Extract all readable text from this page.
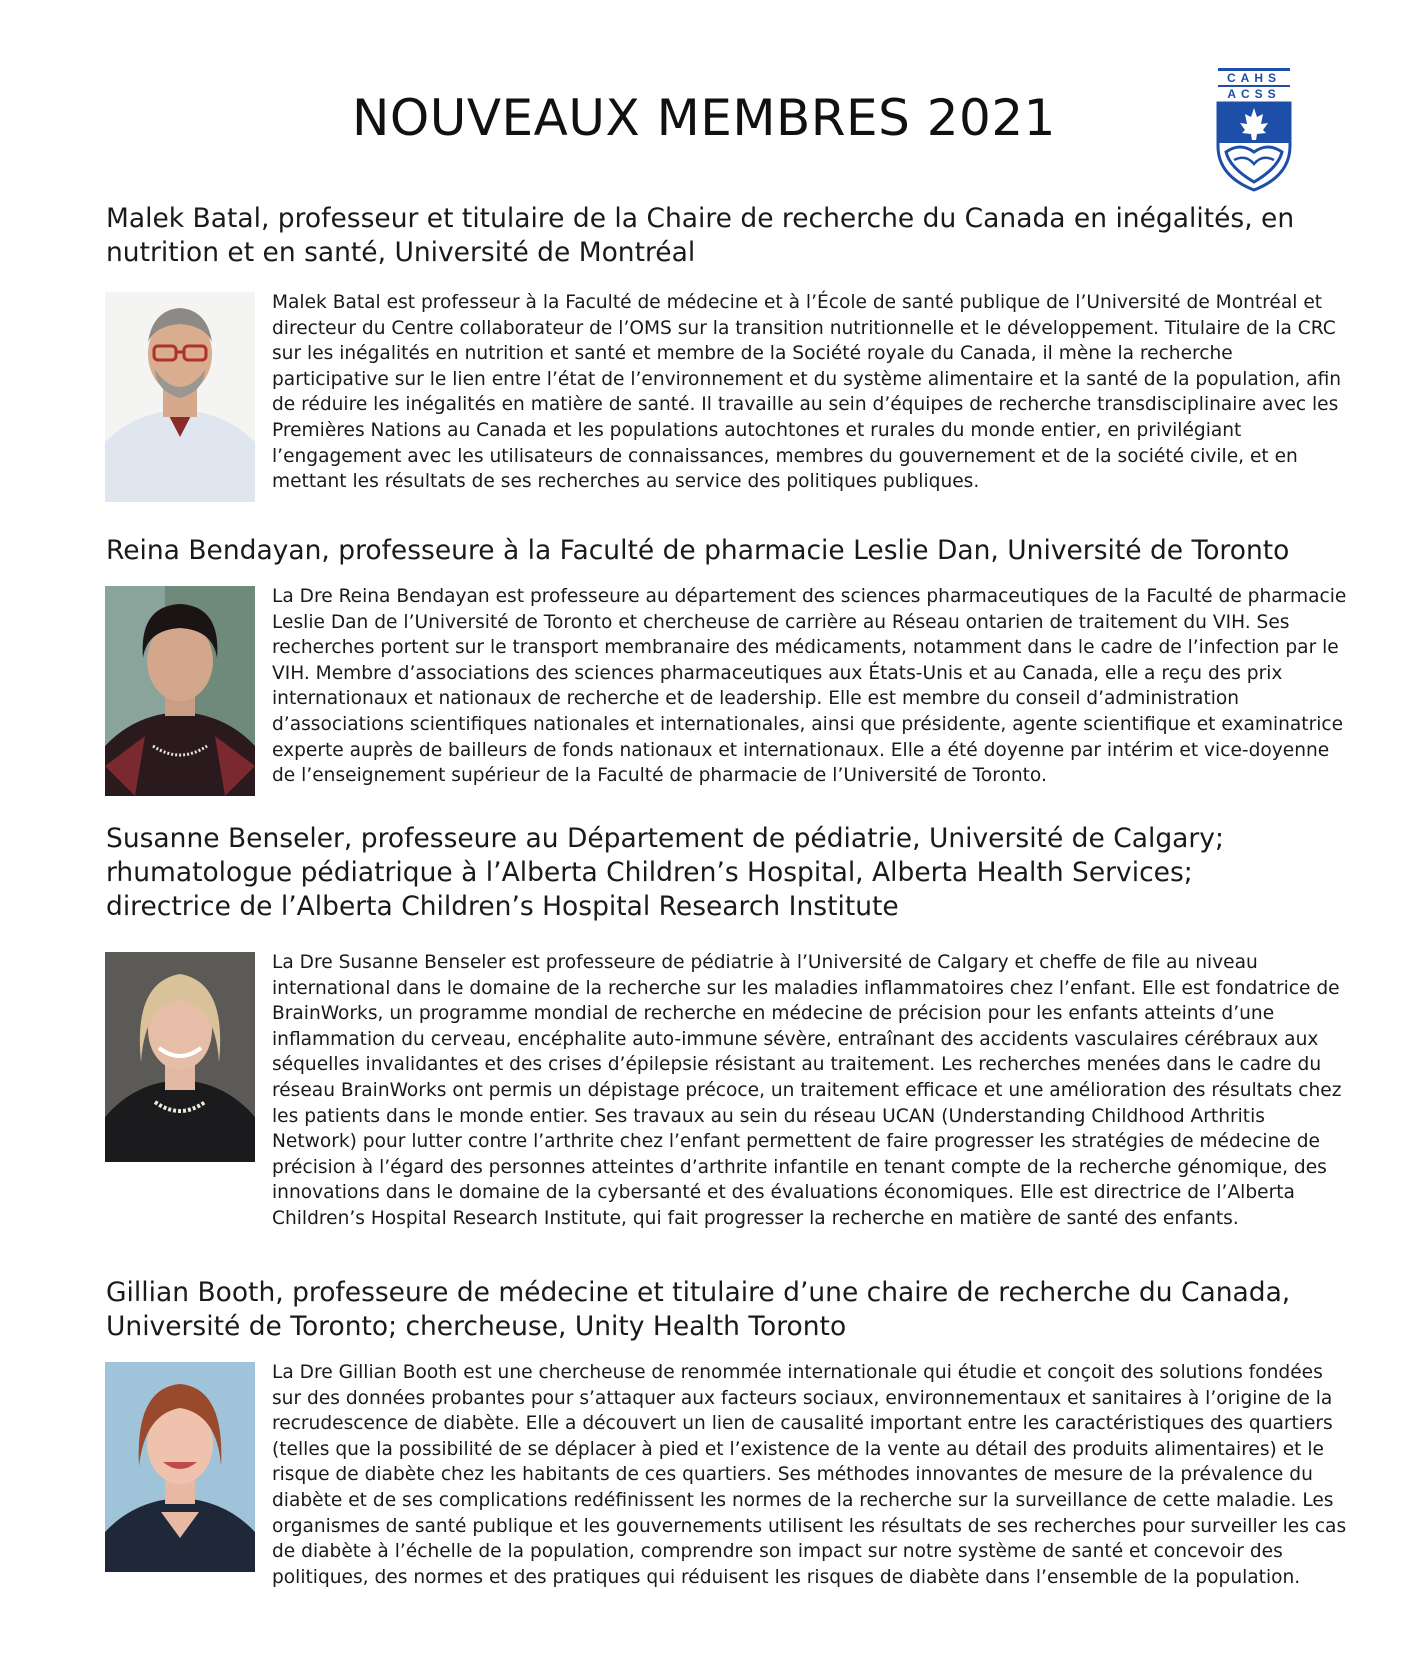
NOUVEAUX MEMBRES 2021
CAHS
ACSS
Malek Batal, professeur et titulaire de la Chaire de recherche du Canada en inégalités, en nutrition et en santé, Université de Montréal

Malek Batal est professeur à la Faculté de médecine et à l’École de santé publique de l’Université de Montréal et directeur du Centre collaborateur de l’OMS sur la transition nutritionnelle et le développement. Titulaire de la CRC sur les inégalités en nutrition et santé et membre de la Société royale du Canada, il mène la recherche participative sur le lien entre l’état de l’environnement et du système alimentaire et la santé de la population, afin de réduire les inégalités en matière de santé. Il travaille au sein d’équipes de recherche transdisciplinaire avec les Premières Nations au Canada et les populations autochtones et rurales du monde entier, en privilégiant l’engagement avec les utilisateurs de connaissances, membres du gouvernement et de la société civile, et en mettant les résultats de ses recherches au service des politiques publiques.

Reina Bendayan, professeure à la Faculté de pharmacie Leslie Dan, Université de Toronto

La Dre Reina Bendayan est professeure au département des sciences pharmaceutiques de la Faculté de pharmacie Leslie Dan de l’Université de Toronto et chercheuse de carrière au Réseau ontarien de traitement du VIH. Ses recherches portent sur le transport membranaire des médicaments, notamment dans le cadre de l’infection par le VIH. Membre d’associations des sciences pharmaceutiques aux États-Unis et au Canada, elle a reçu des prix internationaux et nationaux de recherche et de leadership. Elle est membre du conseil d’administration d’associations scientifiques nationales et internationales, ainsi que présidente, agente scientifique et examinatrice experte auprès de bailleurs de fonds nationaux et internationaux. Elle a été doyenne par intérim et vice-doyenne de l’enseignement supérieur de la Faculté de pharmacie de l’Université de Toronto.

Susanne Benseler, professeure au Département de pédiatrie, Université de Calgary; rhumatologue pédiatrique à l’Alberta Children’s Hospital, Alberta Health Services; directrice de l’Alberta Children’s Hospital Research Institute

La Dre Susanne Benseler est professeure de pédiatrie à l’Université de Calgary et cheffe de file au niveau international dans le domaine de la recherche sur les maladies inflammatoires chez l’enfant. Elle est fondatrice de BrainWorks, un programme mondial de recherche en médecine de précision pour les enfants atteints d’une inflammation du cerveau, encéphalite auto-immune sévère, entraînant des accidents vasculaires cérébraux aux séquelles invalidantes et des crises d’épilepsie résistant au traitement. Les recherches menées dans le cadre du réseau BrainWorks ont permis un dépistage précoce, un traitement efficace et une amélioration des résultats chez les patients dans le monde entier. Ses travaux au sein du réseau UCAN (Understanding Childhood Arthritis Network) pour lutter contre l’arthrite chez l’enfant permettent de faire progresser les stratégies de médecine de précision à l’égard des personnes atteintes d’arthrite infantile en tenant compte de la recherche génomique, des innovations dans le domaine de la cybersanté et des évaluations économiques. Elle est directrice de l’Alberta Children’s Hospital Research Institute, qui fait progresser la recherche en matière de santé des enfants.

Gillian Booth, professeure de médecine et titulaire d’une chaire de recherche du Canada, Université de Toronto; chercheuse, Unity Health Toronto

La Dre Gillian Booth est une chercheuse de renommée internationale qui étudie et conçoit des solutions fondées sur des données probantes pour s’attaquer aux facteurs sociaux, environnementaux et sanitaires à l’origine de la recrudescence de diabète. Elle a découvert un lien de causalité important entre les caractéristiques des quartiers (telles que la possibilité de se déplacer à pied et l’existence de la vente au détail des produits alimentaires) et le risque de diabète chez les habitants de ces quartiers. Ses méthodes innovantes de mesure de la prévalence du diabète et de ses complications redéfinissent les normes de la recherche sur la surveillance de cette maladie. Les organismes de santé publique et les gouvernements utilisent les résultats de ses recherches pour surveiller les cas de diabète à l’échelle de la population, comprendre son impact sur notre système de santé et concevoir des politiques, des normes et des pratiques qui réduisent les risques de diabète dans l’ensemble de la population.
